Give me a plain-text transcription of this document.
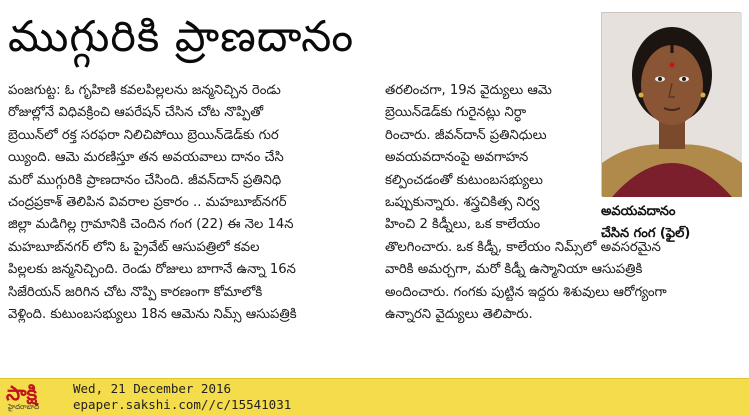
ముగ్గురికి ప్రాణదానం
పంజగుట్ట: ఓ గృహిణి కవలపిల్లలను జన్మనిచ్చిన రెండు
రోజుల్లోనే విధివక్రించి ఆపరేషన్ చేసిన చోట నొప్పితో
బ్రెయిన్‌లో రక్త సరఫరా నిలిచిపోయి బ్రెయిన్‌డెడ్‌కు గుర
య్యింది. ఆమె మరణిస్తూ తన అవయవాలు దానం చేసి
మరో ముగ్గురికి ప్రాణదానం చేసింది. జీవన్‌దాన్ ప్రతినిధి
చంద్రప్రకాశ్ తెలిపిన వివరాల ప్రకారం .. మహబూబ్‌నగర్
జిల్లా మడిగిల్ల గ్రామానికి చెందిన గంగ (22) ఈ నెల 14న
మహబూబ్‌నగర్ లోని ఓ ప్రైవేట్ ఆసుపత్రిలో కవల
పిల్లలకు జన్మనిచ్చింది. రెండు రోజులు బాగానే ఉన్నా 16న
సిజేరియన్ జరిగిన చోట నొప్పి కారణంగా కోమాలోకి
వెళ్లింది. కుటుంబసభ్యులు 18న ఆమెను నిమ్స్ ఆసుపత్రికి
తరలించగా, 19న వైద్యులు ఆమె
బ్రెయిన్‌డెడ్‌కు గురైనట్లు నిర్ధా
రించారు. జీవన్‌దాన్ ప్రతినిధులు
అవయవదానంపై అవగాహన
కల్పించడంతో కుటుంబసభ్యులు
ఒప్పుకున్నారు. శస్త్రచికిత్స నిర్వ
హించి 2 కిడ్నీలు, ఒక కాలేయం
తొలగించారు. ఒక కిడ్నీ, కాలేయం నిమ్స్‌లో అవసరమైన
వారికి అమర్చగా, మరో కిడ్నీ ఉస్మానియా ఆసుపత్రికి
అందించారు. గంగకు పుట్టిన ఇద్దరు శిశువులు ఆరోగ్యంగా
ఉన్నారని వైద్యులు తెలిపారు.
అవయవదానం
చేసిన గంగ (ఫైల్)
సాక్షి
హైదరాబాద్
Wed, 21 December 2016
epaper.sakshi.com//c/15541031
